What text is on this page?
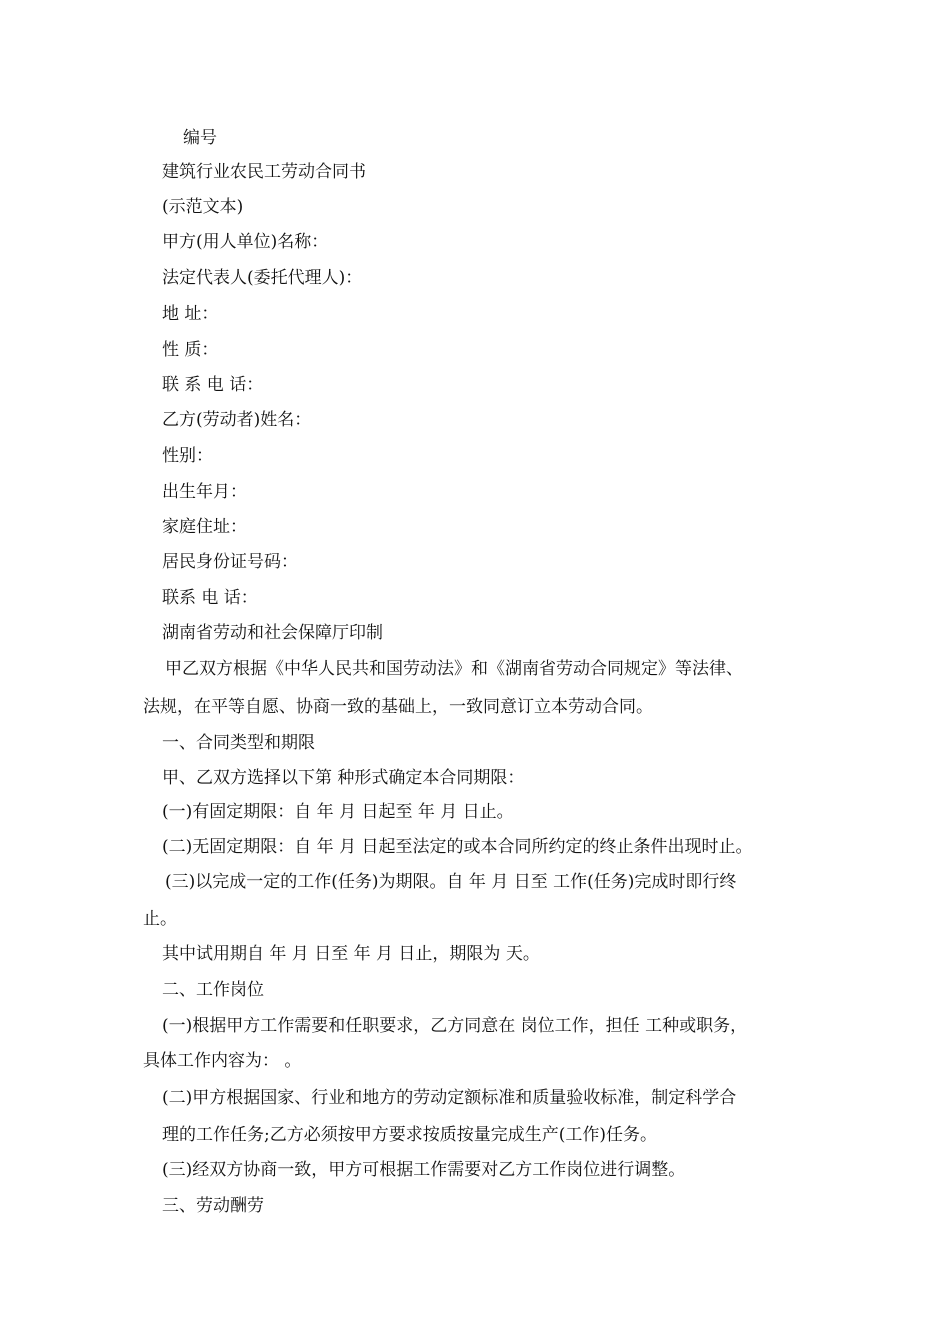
编号
建筑行业农民工劳动合同书
(示范文本)
甲方(用人单位)名称：
法定代表人(委托代理人)：
地 址：
性 质：
联 系 电 话：
乙方(劳动者)姓名：
性别：
出生年月：
家庭住址：
居民身份证号码：
联系 电 话：
湖南省劳动和社会保障厅印制
甲乙双方根据《中华人民共和国劳动法》和《湖南省劳动合同规定》等法律、
法规，在平等自愿、协商一致的基础上，一致同意订立本劳动合同。
一、合同类型和期限
甲、乙双方选择以下第 种形式确定本合同期限：
(一)有固定期限：自 年 月 日起至 年 月 日止。
(二)无固定期限：自 年 月 日起至法定的或本合同所约定的终止条件出现时止。
(三)以完成一定的工作(任务)为期限。自 年 月 日至 工作(任务)完成时即行终
止。
其中试用期自 年 月 日至 年 月 日止，期限为 天。
二、工作岗位
(一)根据甲方工作需要和任职要求，乙方同意在 岗位工作，担任 工种或职务，
具体工作内容为： 。
(二)甲方根据国家、行业和地方的劳动定额标准和质量验收标准，制定科学合
理的工作任务;乙方必须按甲方要求按质按量完成生产(工作)任务。
(三)经双方协商一致，甲方可根据工作需要对乙方工作岗位进行调整。
三、劳动酬劳
